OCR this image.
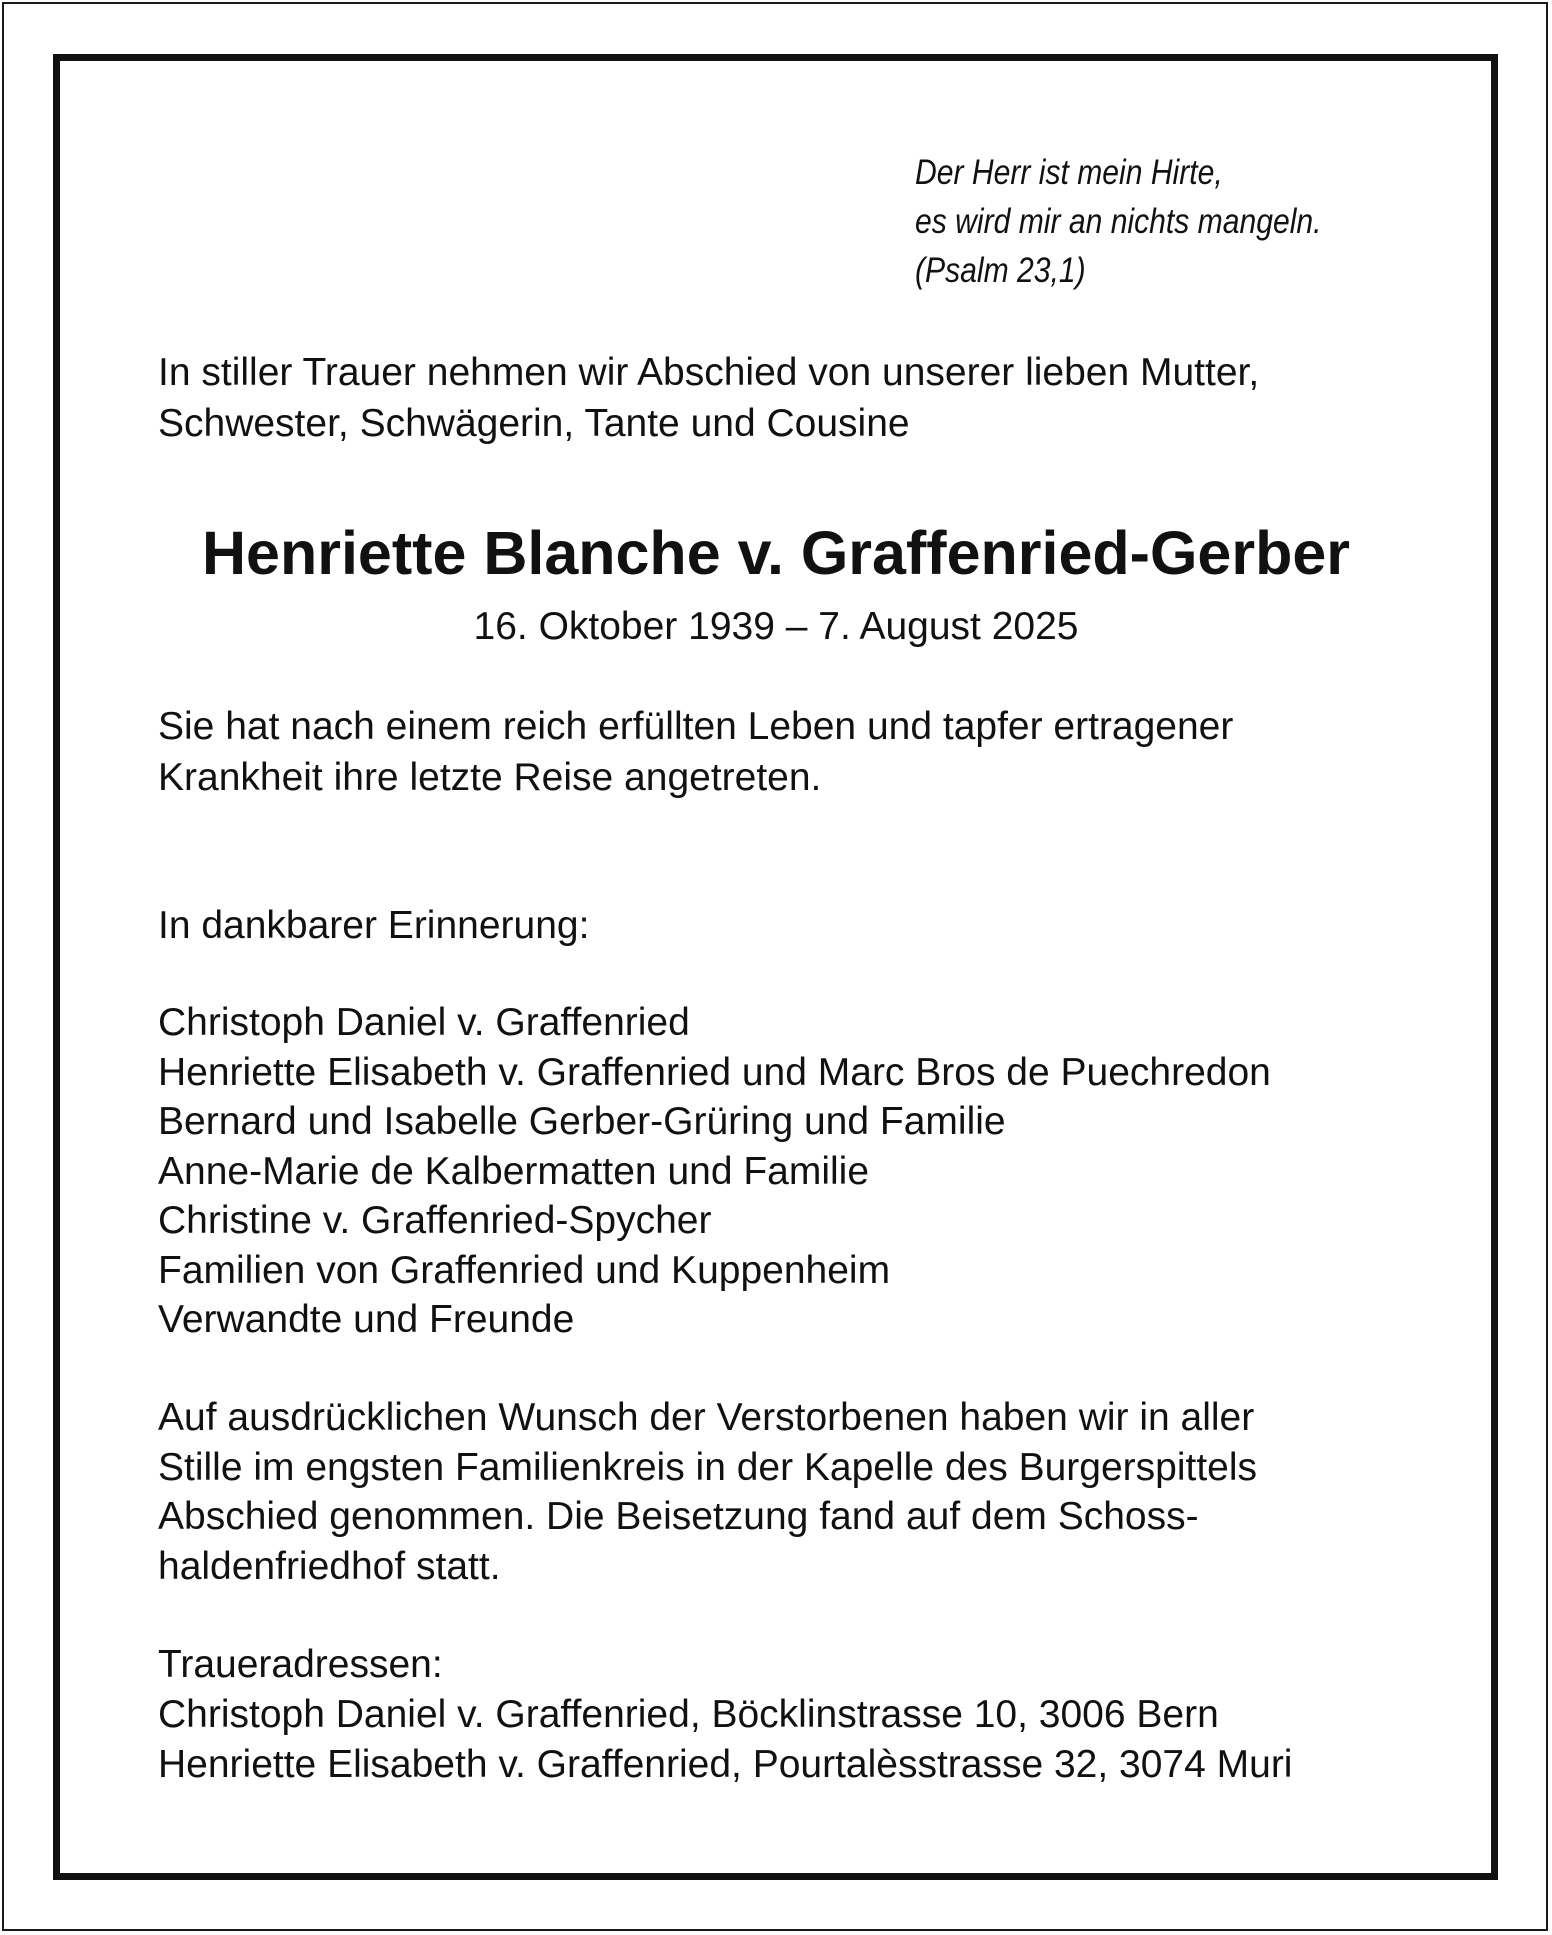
Der Herr ist mein Hirte,
es wird mir an nichts mangeln.
(Psalm 23,1)
In stiller Trauer nehmen wir Abschied von unserer lieben Mutter,
Schwester, Schwägerin, Tante und Cousine
Henriette Blanche v. Graffenried-Gerber
16. Oktober 1939 – 7. August 2025
Sie hat nach einem reich erfüllten Leben und tapfer ertragener
Krankheit ihre letzte Reise angetreten.
In dankbarer Erinnerung:
Christoph Daniel v. Graffenried
Henriette Elisabeth v. Graffenried und Marc Bros de Puechredon
Bernard und Isabelle Gerber-Grüring und Familie
Anne-Marie de Kalbermatten und Familie
Christine v. Graffenried-Spycher
Familien von Graffenried und Kuppenheim
Verwandte und Freunde
Auf ausdrücklichen Wunsch der Verstorbenen haben wir in aller
Stille im engsten Familienkreis in der Kapelle des Burgerspittels
Abschied genommen. Die Beisetzung fand auf dem Schoss-
haldenfriedhof statt.
Traueradressen:
Christoph Daniel v. Graffenried, Böcklinstrasse 10, 3006 Bern
Henriette Elisabeth v. Graffenried, Pourtalèsstrasse 32, 3074 Muri
